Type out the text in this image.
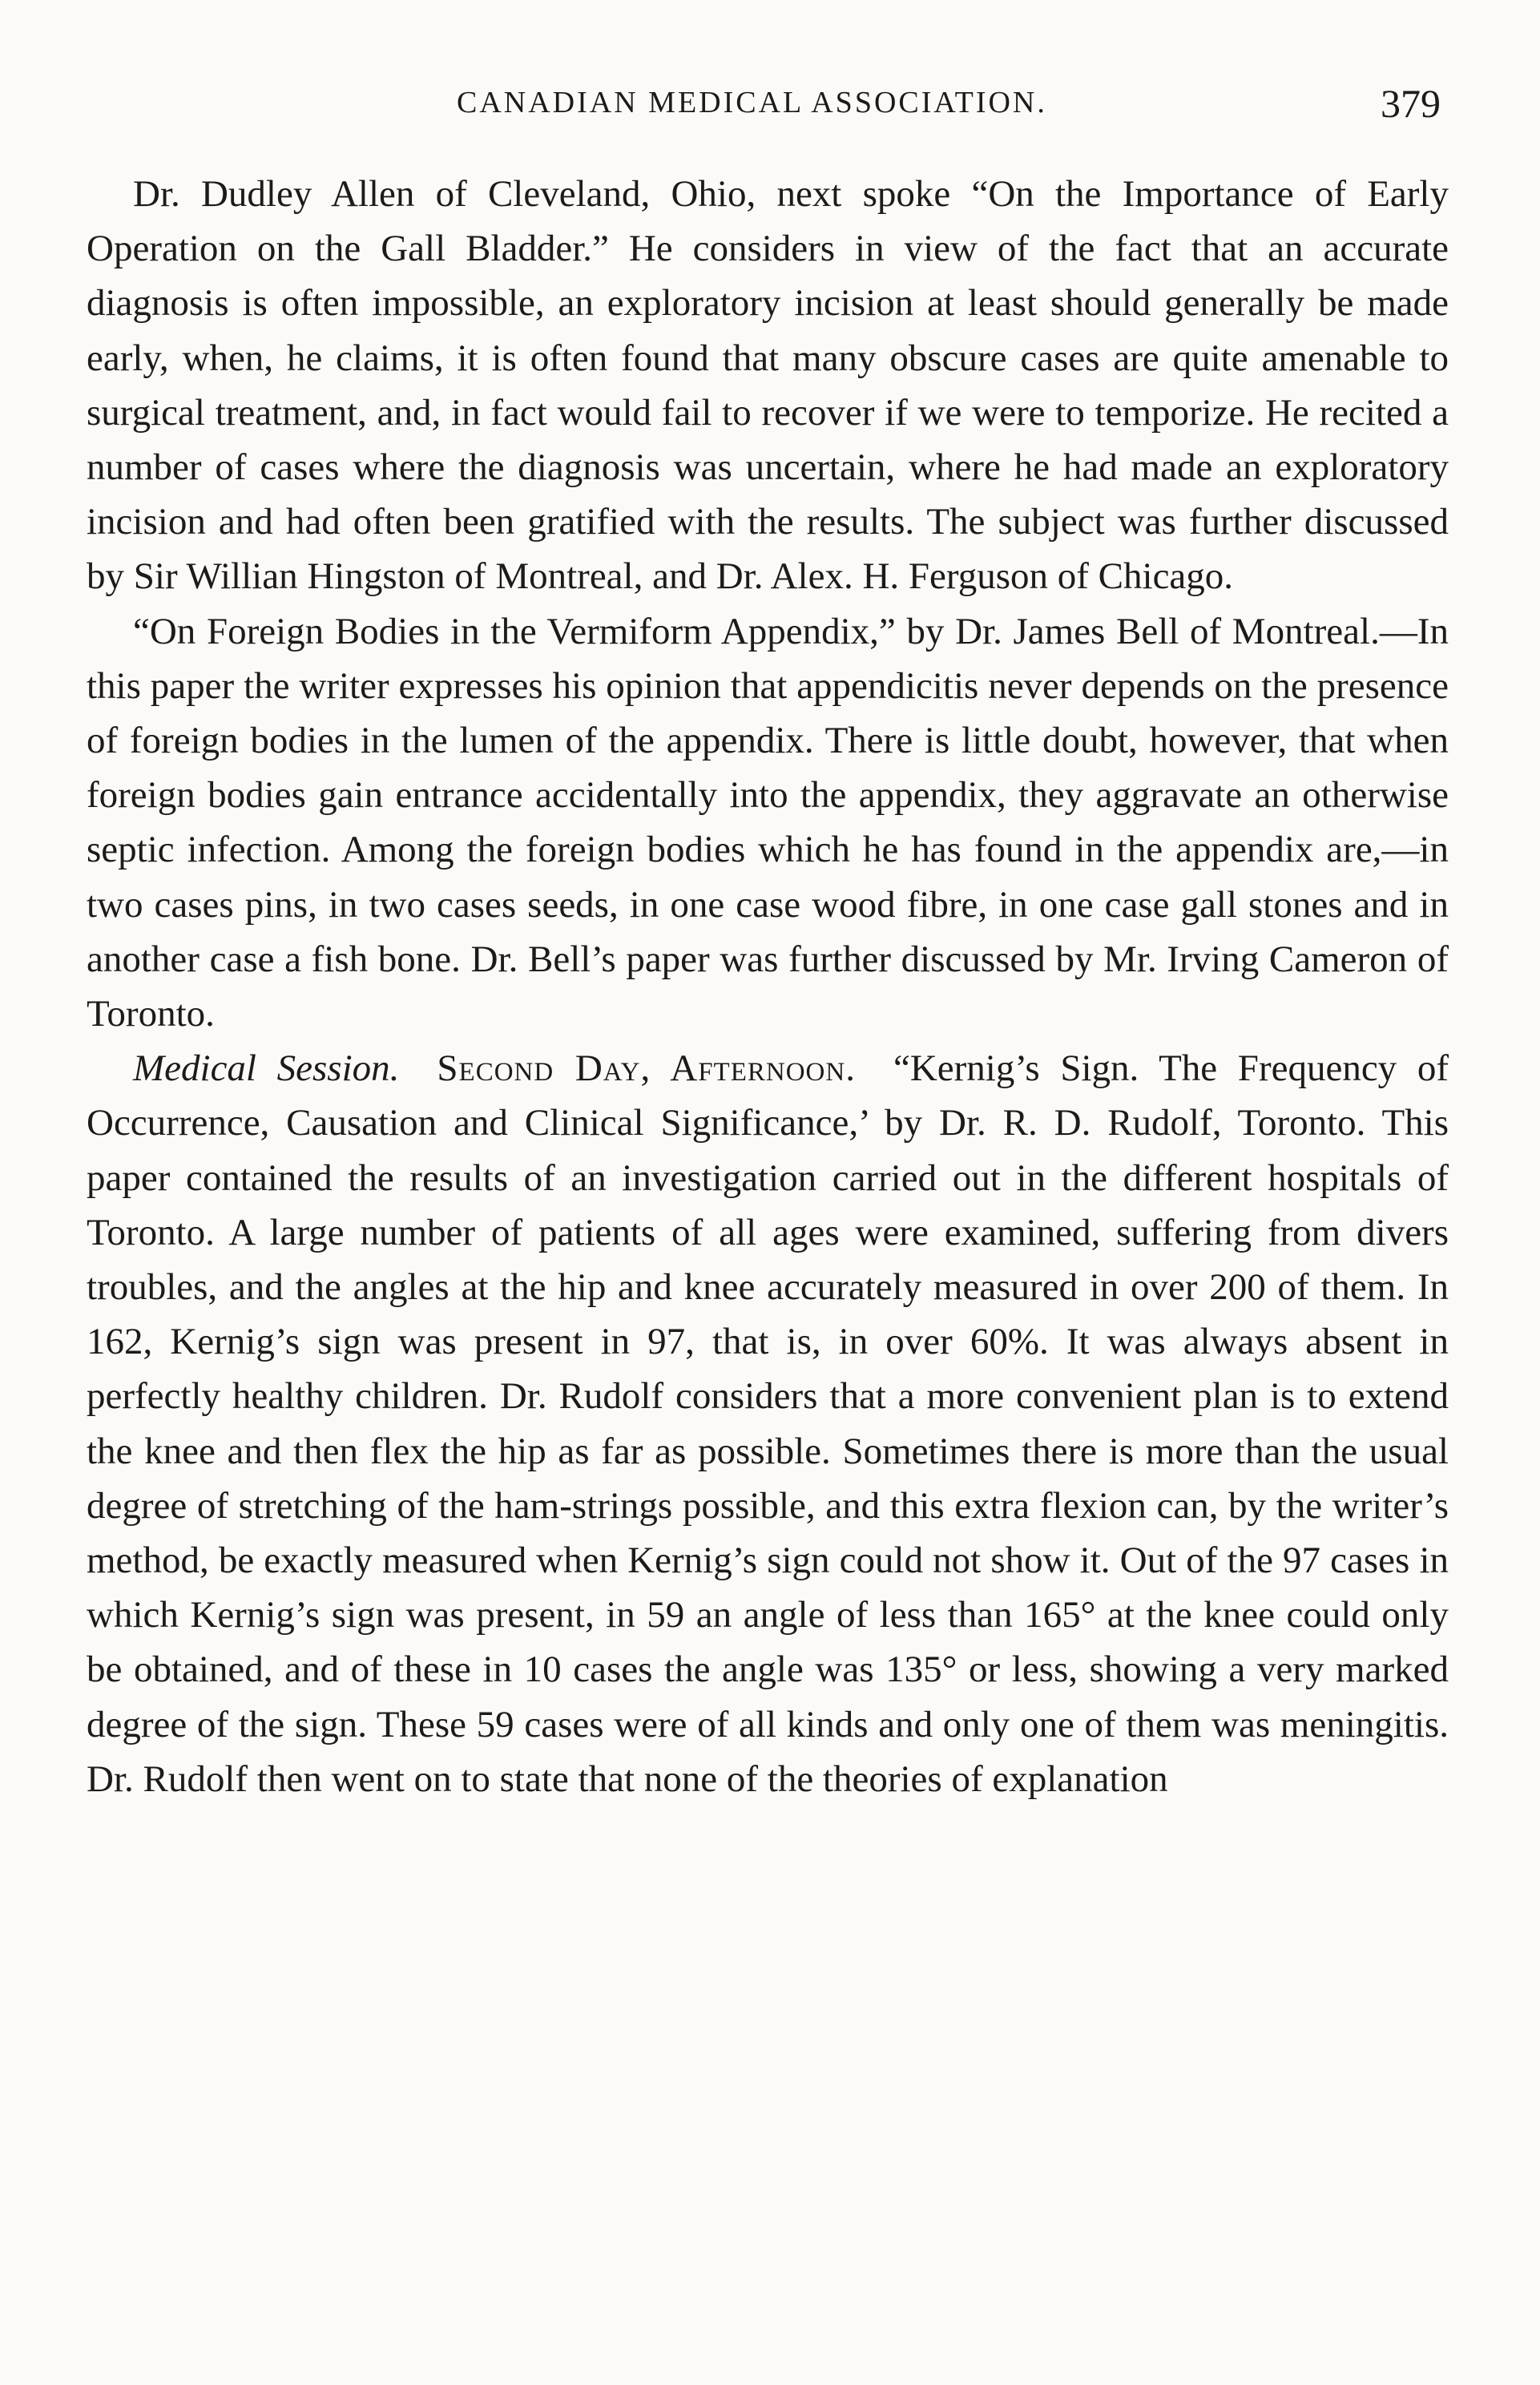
CANADIAN MEDICAL ASSOCIATION.	379

Dr. Dudley Allen of Cleveland, Ohio, next spoke “On the Importance of Early Operation on the Gall Bladder.” He considers in view of the fact that an accurate diagnosis is often impossible, an exploratory incision at least should generally be made early, when, he claims, it is often found that many obscure cases are quite amenable to surgical treatment, and, in fact would fail to recover if we were to temporize. He recited a number of cases where the diagnosis was uncertain, where he had made an exploratory incision and had often been gratified with the results. The subject was further discussed by Sir Willian Hingston of Montreal, and Dr. Alex. H. Ferguson of Chicago.

“On Foreign Bodies in the Vermiform Appendix,” by Dr. James Bell of Montreal.—In this paper the writer expresses his opinion that appendicitis never depends on the presence of foreign bodies in the lumen of the appendix. There is little doubt, however, that when foreign bodies gain entrance accidentally into the appendix, they aggravate an otherwise septic infection. Among the foreign bodies which he has found in the appendix are,—in two cases pins, in two cases seeds, in one case wood fibre, in one case gall stones and in another case a fish bone. Dr. Bell’s paper was further discussed by Mr. Irving Cameron of Toronto.

Medical Session.  Second Day, Afternoon.  “Kernig’s Sign. The Frequency of Occurrence, Causation and Clinical Significance,’ by Dr. R. D. Rudolf, Toronto. This paper contained the results of an investigation carried out in the different hospitals of Toronto. A large number of patients of all ages were examined, suffering from divers troubles, and the angles at the hip and knee accurately measured in over 200 of them. In 162, Kernig’s sign was present in 97, that is, in over 60%. It was always absent in perfectly healthy children. Dr. Rudolf considers that a more convenient plan is to extend the knee and then flex the hip as far as possible. Sometimes there is more than the usual degree of stretching of the ham-strings possible, and this extra flexion can, by the writer’s method, be exactly measured when Kernig’s sign could not show it. Out of the 97 cases in which Kernig’s sign was present, in 59 an angle of less than 165° at the knee could only be obtained, and of these in 10 cases the angle was 135° or less, showing a very marked degree of the sign. These 59 cases were of all kinds and only one of them was meningitis. Dr. Rudolf then went on to state that none of the theories of explanation
